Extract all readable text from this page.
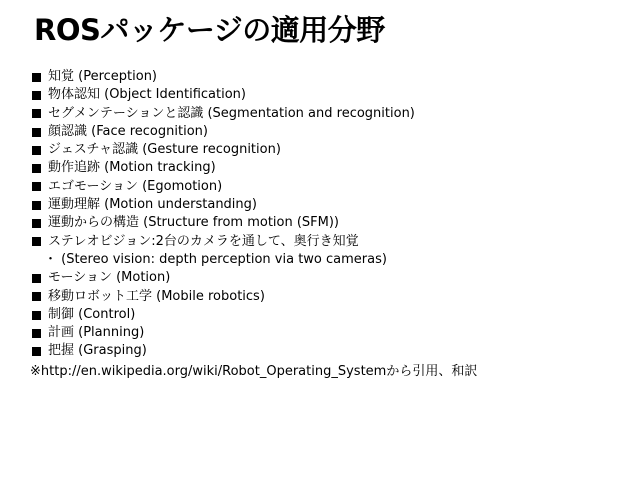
ROSパッケージの適用分野
知覚 (Perception)
物体認知 (Object Identification)
セグメンテーションと認識 (Segmentation and recognition)
顔認識 (Face recognition)
ジェスチャ認識 (Gesture recognition)
動作追跡 (Motion tracking)
エゴモーション (Egomotion)
運動理解 (Motion understanding)
運動からの構造 (Structure from motion (SFM))
ステレオビジョン:2台のカメラを通して、奥行き知覚
・ (Stereo vision: depth perception via two cameras)
モーション (Motion)
移動ロボット工学 (Mobile robotics)
制御 (Control)
計画 (Planning)
把握 (Grasping)
※http://en.wikipedia.org/wiki/Robot_Operating_Systemから引用、和訳
